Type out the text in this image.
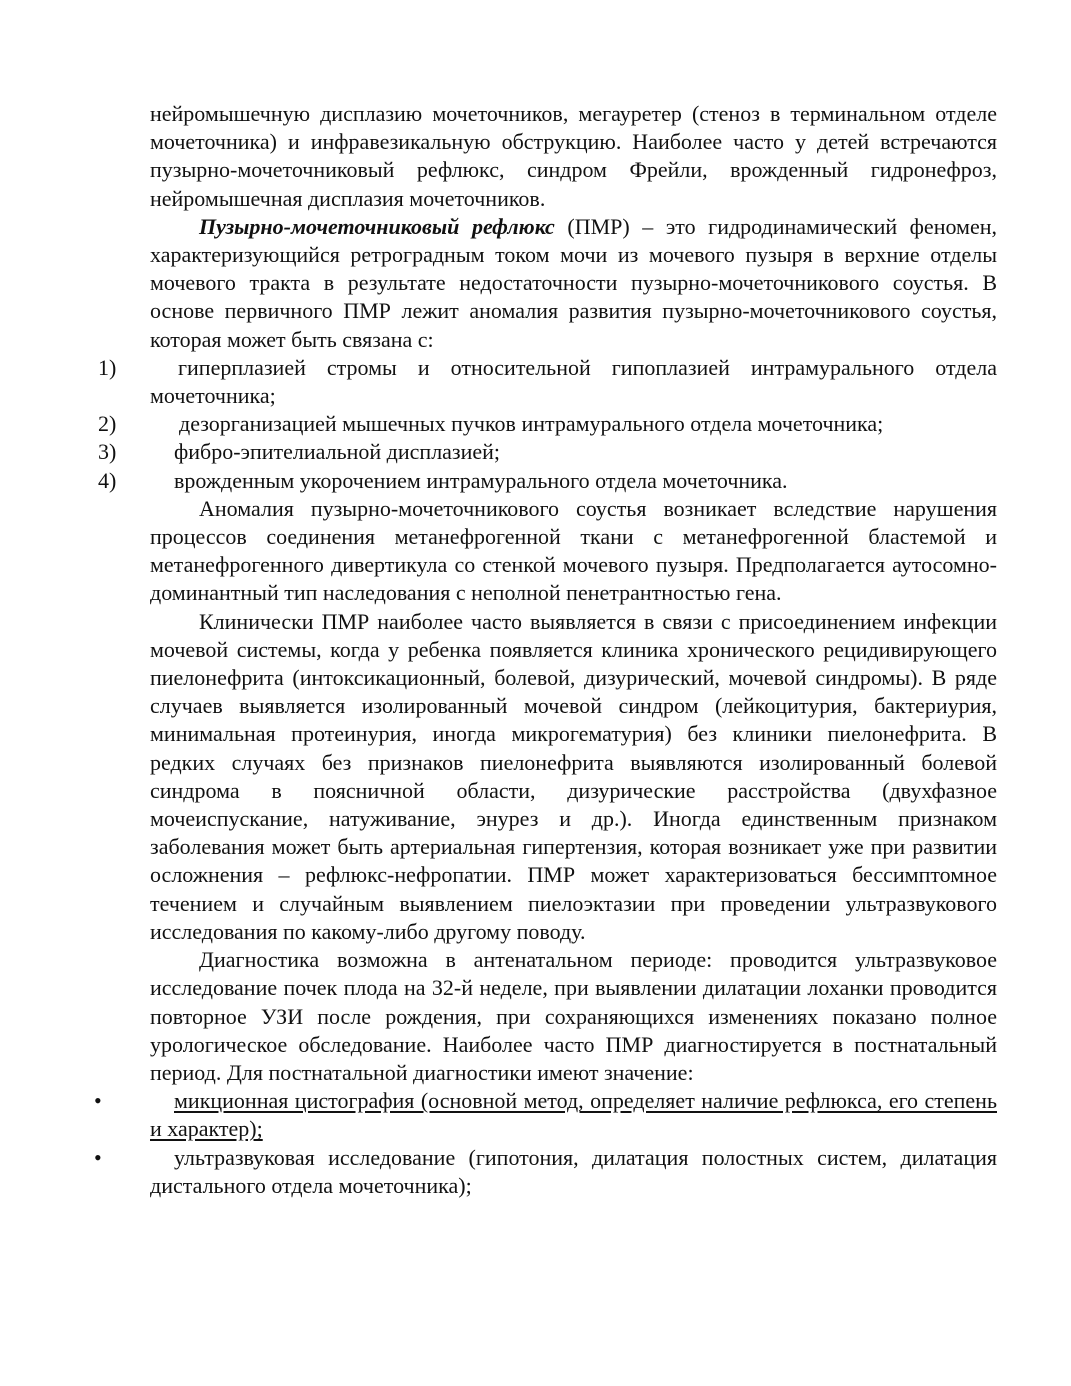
нейромышечную дисплазию мочеточников, мегауретер (стеноз в терминальном отделе мочеточника) и инфравезикальную обструкцию. Наиболее часто у детей встречаются пузырно-мочеточниковый рефлюкс, синдром Фрейли, врожденный гидронефроз, нейромышечная дисплазия мочеточников.

Пузырно-мочеточниковый рефлюкс (ПМР) – это гидродинамический феномен, характеризующийся ретроградным током мочи из мочевого пузыря в верхние отделы мочевого тракта в результате недостаточности пузырно-мочеточникового соустья. В основе первичного ПМР лежит аномалия развития пузырно-мочеточникового соустья, которая может быть связана с:

1)	гиперплазией стромы и относительной гипоплазией интрамурального отдела мочеточника;

2)	дезорганизацией мышечных пучков интрамурального отдела мочеточника;

3)	фибро-эпителиальной дисплазией;

4)	врожденным укорочением интрамурального отдела мочеточника.

Аномалия пузырно-мочеточникового соустья возникает вследствие нарушения процессов соединения метанефрогенной ткани с метанефрогенной бластемой и метанефрогенного дивертикула со стенкой мочевого пузыря. Предполагается аутосомно-доминантный тип наследования с неполной пенетрантностью гена.

Клинически ПМР наиболее часто выявляется в связи с присоединением инфекции мочевой системы, когда у ребенка появляется клиника хронического рецидивирующего пиелонефрита (интоксикационный, болевой, дизурический, мочевой синдромы). В ряде случаев выявляется изолированный мочевой синдром (лейкоцитурия, бактериурия, минимальная протеинурия, иногда микрогематурия) без клиники пиелонефрита. В редких случаях без признаков пиелонефрита выявляются изолированный болевой синдрома в поясничной области, дизурические расстройства (двухфазное мочеиспускание, натуживание, энурез и др.). Иногда единственным признаком заболевания может быть артериальная гипертензия, которая возникает уже при развитии осложнения – рефлюкс-нефропатии. ПМР может характеризоваться бессимптомное течением и случайным выявлением пиелоэктазии при проведении ультразвукового исследования по какому-либо другому поводу.

Диагностика возможна в антенатальном периоде: проводится ультразвуковое исследование почек плода на 32-й неделе, при выявлении дилатации лоханки проводится повторное УЗИ после рождения, при сохраняющихся изменениях показано полное урологическое обследование. Наиболее часто ПМР диагностируется в постнатальный период. Для постнатальной диагностики имеют значение:

•	микционная цистография (основной метод, определяет наличие рефлюкса, его степень и характер);

•	ультразвуковая исследование (гипотония, дилатация полостных систем, дилатация дистального отдела мочеточника);
